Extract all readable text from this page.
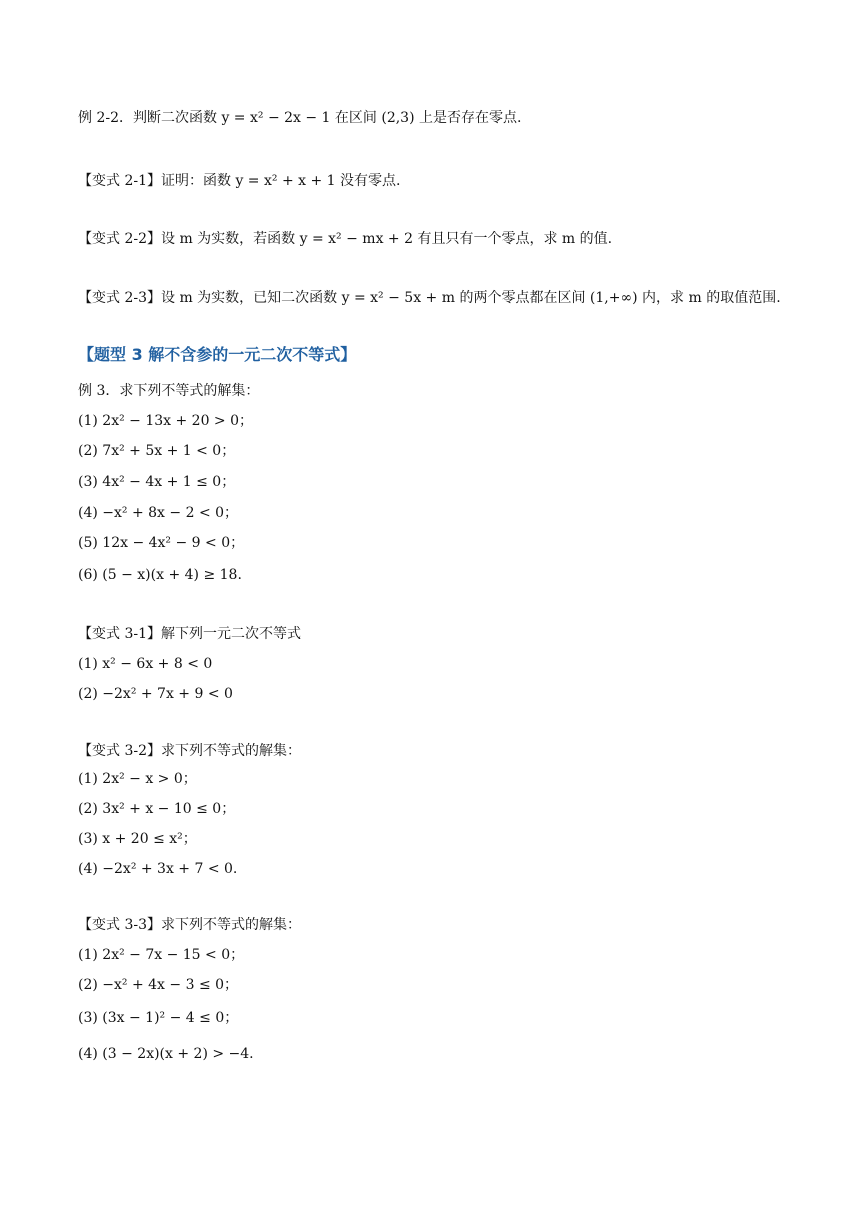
例 2-2．判断二次函数 y = x² − 2x − 1 在区间 (2,3) 上是否存在零点.
【变式 2-1】证明：函数 y = x² + x + 1 没有零点.
【变式 2-2】设 m 为实数，若函数 y = x² − mx + 2 有且只有一个零点，求 m 的值.
【变式 2-3】设 m 为实数，已知二次函数 y = x² − 5x + m 的两个零点都在区间 (1,+∞) 内，求 m 的取值范围.
【题型 3 解不含参的一元二次不等式】
例 3．求下列不等式的解集：
(1) 2x² − 13x + 20 > 0；
(2) 7x² + 5x + 1 < 0；
(3) 4x² − 4x + 1 ≤ 0；
(4) −x² + 8x − 2 < 0；
(5) 12x − 4x² − 9 < 0；
(6) (5 − x)(x + 4) ≥ 18.
【变式 3-1】解下列一元二次不等式
(1) x² − 6x + 8 < 0
(2) −2x² + 7x + 9 < 0
【变式 3-2】求下列不等式的解集：
(1) 2x² − x > 0；
(2) 3x² + x − 10 ≤ 0；
(3) x + 20 ≤ x²；
(4) −2x² + 3x + 7 < 0.
【变式 3-3】求下列不等式的解集：
(1) 2x² − 7x − 15 < 0；
(2) −x² + 4x − 3 ≤ 0；
(3) (3x − 1)² − 4 ≤ 0；
(4) (3 − 2x)(x + 2) > −4.
